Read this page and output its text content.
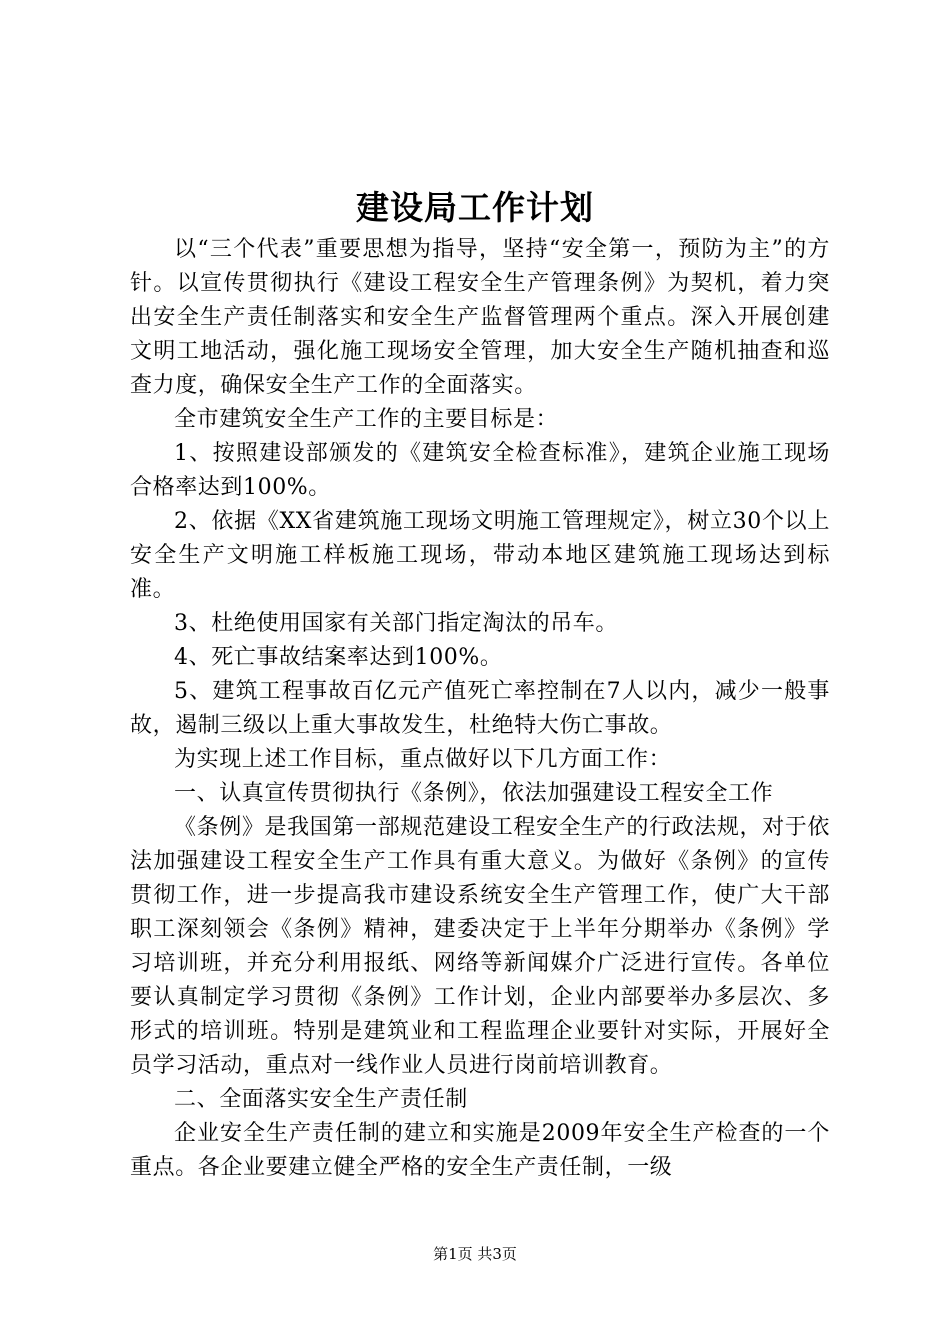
建设局工作计划

以“三个代表”重要思想为指导，坚持“安全第一，预防为主”的方针。以宣传贯彻执行《建设工程安全生产管理条例》为契机，着力突出安全生产责任制落实和安全生产监督管理两个重点。深入开展创建文明工地活动，强化施工现场安全管理，加大安全生产随机抽查和巡查力度，确保安全生产工作的全面落实。

全市建筑安全生产工作的主要目标是：

1、按照建设部颁发的《建筑安全检查标准》，建筑企业施工现场合格率达到100%。

2、依据《XX省建筑施工现场文明施工管理规定》，树立30个以上安全生产文明施工样板施工现场，带动本地区建筑施工现场达到标准。

3、杜绝使用国家有关部门指定淘汰的吊车。

4、死亡事故结案率达到100%。

5、建筑工程事故百亿元产值死亡率控制在7人以内，减少一般事故，遏制三级以上重大事故发生，杜绝特大伤亡事故。

为实现上述工作目标，重点做好以下几方面工作：

一、认真宣传贯彻执行《条例》，依法加强建设工程安全工作

《条例》是我国第一部规范建设工程安全生产的行政法规，对于依法加强建设工程安全生产工作具有重大意义。为做好《条例》的宣传贯彻工作，进一步提高我市建设系统安全生产管理工作，使广大干部职工深刻领会《条例》精神，建委决定于上半年分期举办《条例》学习培训班，并充分利用报纸、网络等新闻媒介广泛进行宣传。各单位要认真制定学习贯彻《条例》工作计划，企业内部要举办多层次、多形式的培训班。特别是建筑业和工程监理企业要针对实际，开展好全员学习活动，重点对一线作业人员进行岗前培训教育。

二、全面落实安全生产责任制

企业安全生产责任制的建立和实施是2009年安全生产检查的一个重点。各企业要建立健全严格的安全生产责任制，一级

第1页 共3页
